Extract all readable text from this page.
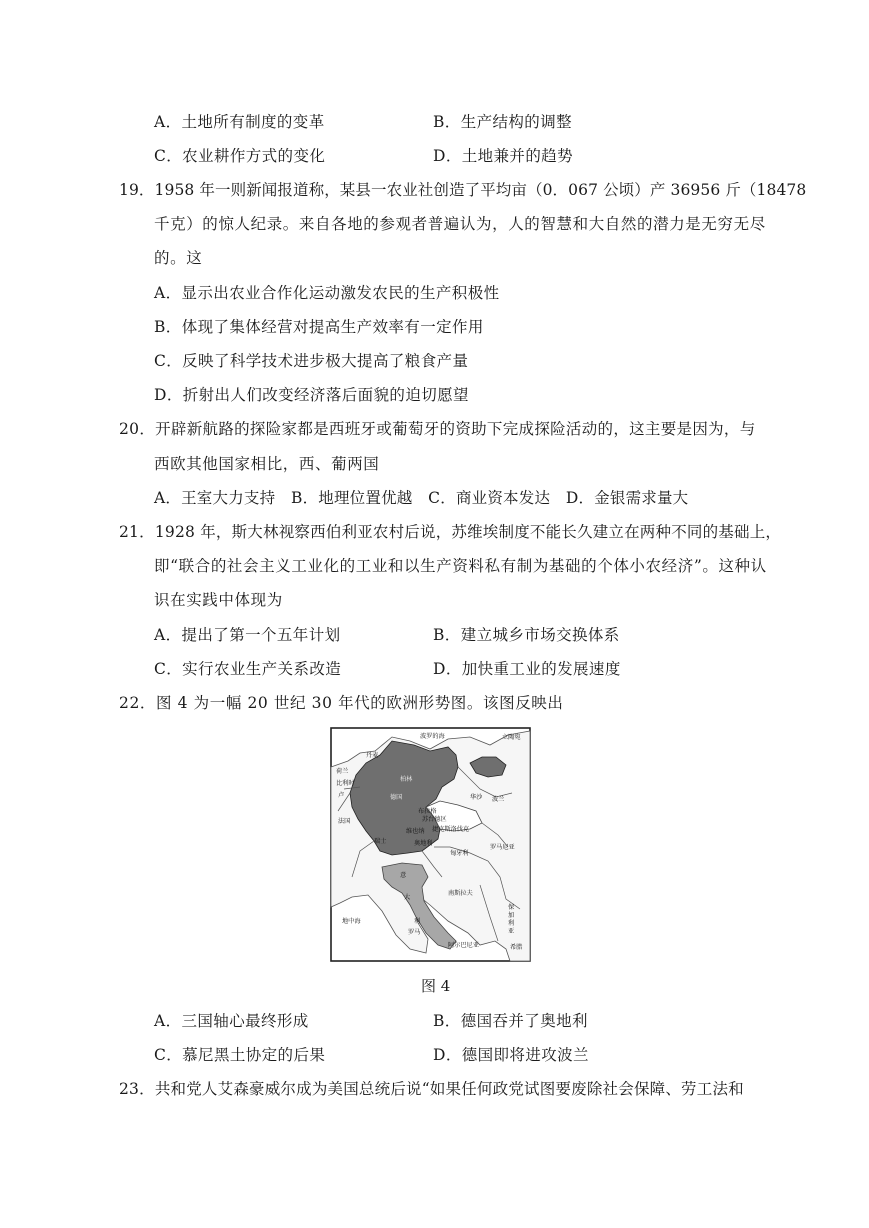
A．土地所有制度的变革	B．生产结构的调整
C．农业耕作方式的变化	D．土地兼并的趋势
19．1958 年一则新闻报道称，某县一农业社创造了平均亩（0．067 公顷）产 36956 斤（18478
千克）的惊人纪录。来自各地的参观者普遍认为，人的智慧和大自然的潜力是无穷无尽
的。这
A．显示出农业合作化运动激发农民的生产积极性
B．体现了集体经营对提高生产效率有一定作用
C．反映了科学技术进步极大提高了粮食产量
D．折射出人们改变经济落后面貌的迫切愿望
20．开辟新航路的探险家都是西班牙或葡萄牙的资助下完成探险活动的，这主要是因为，与
西欧其他国家相比，西、葡两国
A．王室大力支持　B．地理位置优越　C．商业资本发达　D．金银需求量大
21．1928 年，斯大林视察西伯利亚农村后说，苏维埃制度不能长久建立在两种不同的基础上，
即“联合的社会主义工业化的工业和以生产资料私有制为基础的个体小农经济”。这种认
识在实践中体现为
A．提出了第一个五年计划	B．建立城乡市场交换体系
C．实行农业生产关系改造	D．加快重工业的发展速度
22．图 4 为一幅 20 世纪 30 年代的欧洲形势图。该图反映出
波罗的海	立陶宛
丹麦
荷兰
柏林
德国	华沙 波兰
比利时
卢
布拉格
苏台德区
捷克斯洛伐克
法国
瑞士	奥地利
维也纳
匈牙利
罗马尼亚
意
大
利
南斯拉夫
保
加
利
亚
地中海
罗马
阿尔巴尼亚	希腊
图 4
A．三国轴心最终形成	B．德国吞并了奥地利
C．慕尼黑土协定的后果	D．德国即将进攻波兰
23．共和党人艾森豪威尔成为美国总统后说“如果任何政党试图要废除社会保障、劳工法和
